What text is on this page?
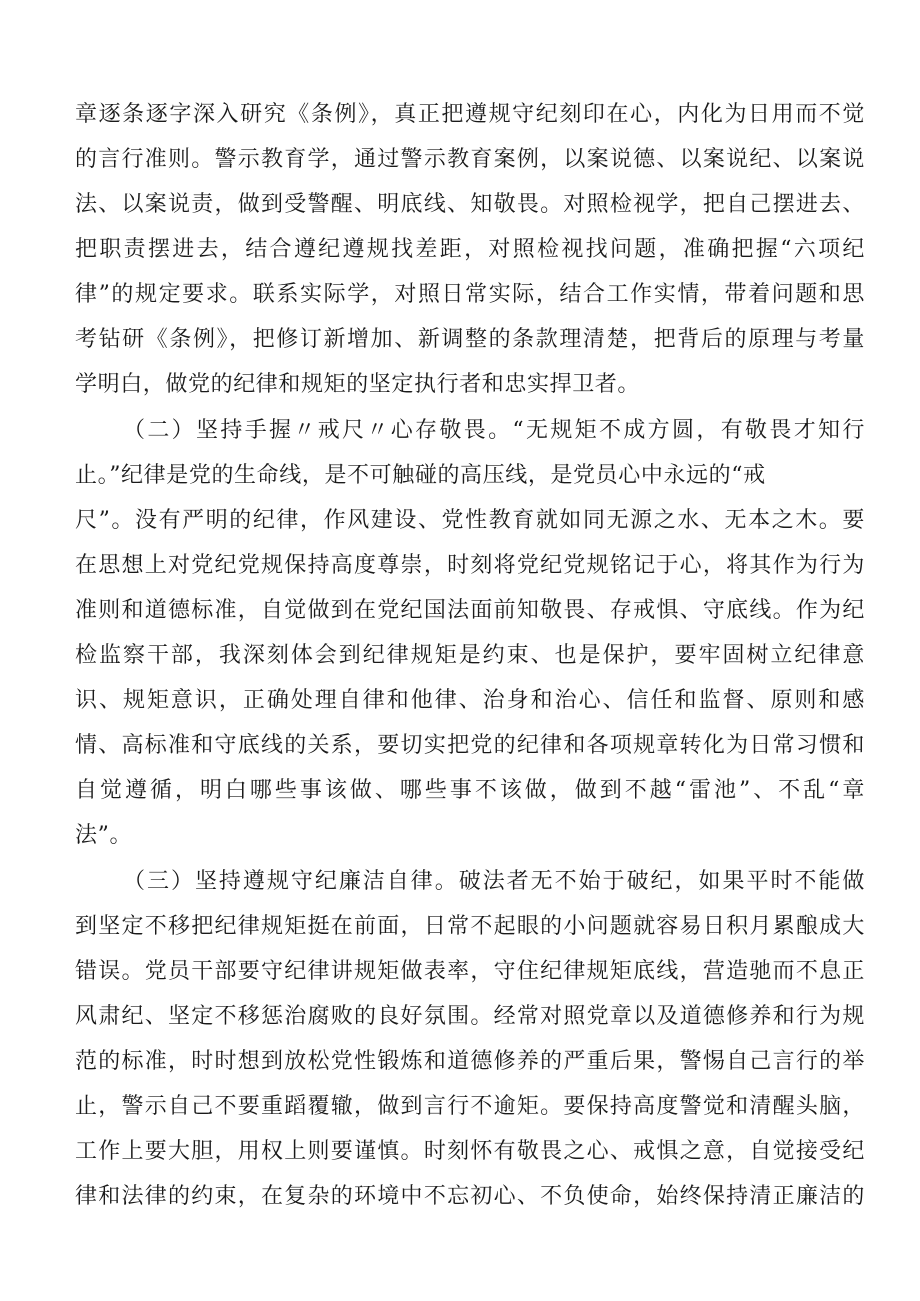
章逐条逐字深入研究《条例》，真正把遵规守纪刻印在心，内化为日用而不觉
的言行准则。警示教育学，通过警示教育案例，以案说德、以案说纪、以案说
法、以案说责，做到受警醒、明底线、知敬畏。对照检视学，把自己摆进去、
把职责摆进去，结合遵纪遵规找差距，对照检视找问题，准确把握“六项纪
律”的规定要求。联系实际学，对照日常实际，结合工作实情，带着问题和思
考钻研《条例》，把修订新增加、新调整的条款理清楚，把背后的原理与考量
学明白，做党的纪律和规矩的坚定执行者和忠实捍卫者。
（二）坚持手握〃戒尺〃心存敬畏。“无规矩不成方圆，有敬畏才知行
止。”纪律是党的生命线，是不可触碰的高压线，是党员心中永远的“戒
尺”。没有严明的纪律，作风建设、党性教育就如同无源之水、无本之木。要
在思想上对党纪党规保持高度尊崇，时刻将党纪党规铭记于心，将其作为行为
准则和道德标准，自觉做到在党纪国法面前知敬畏、存戒惧、守底线。作为纪
检监察干部，我深刻体会到纪律规矩是约束、也是保护，要牢固树立纪律意
识、规矩意识，正确处理自律和他律、治身和治心、信任和监督、原则和感
情、高标准和守底线的关系，要切实把党的纪律和各项规章转化为日常习惯和
自觉遵循，明白哪些事该做、哪些事不该做，做到不越“雷池”、不乱“章
法”。
（三）坚持遵规守纪廉洁自律。破法者无不始于破纪，如果平时不能做
到坚定不移把纪律规矩挺在前面，日常不起眼的小问题就容易日积月累酿成大
错误。党员干部要守纪律讲规矩做表率，守住纪律规矩底线，营造驰而不息正
风肃纪、坚定不移惩治腐败的良好氛围。经常对照党章以及道德修养和行为规
范的标准，时时想到放松党性锻炼和道德修养的严重后果，警惕自己言行的举
止，警示自己不要重蹈覆辙，做到言行不逾矩。要保持高度警觉和清醒头脑，
工作上要大胆，用权上则要谨慎。时刻怀有敬畏之心、戒惧之意，自觉接受纪
律和法律的约束，在复杂的环境中不忘初心、不负使命，始终保持清正廉洁的
